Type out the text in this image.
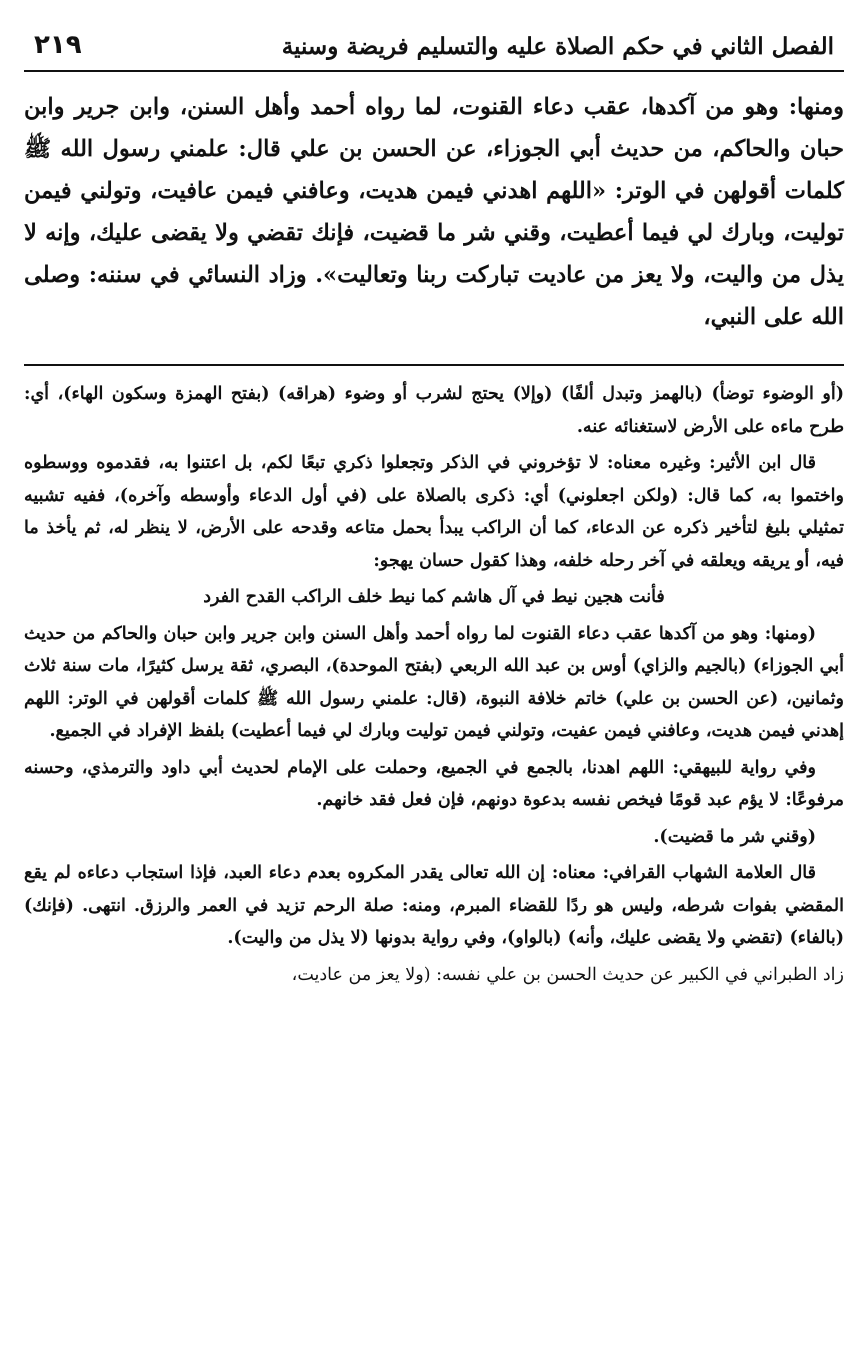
الفصل الثاني في حكم الصلاة عليه والتسليم فريضة وسنية
٢١٩

ومنها: وهو من آكدها، عقب دعاء القنوت، لما رواه أحمد وأهل السنن، وابن جرير وابن حبان والحاكم، من حديث أبي الجوزاء، عن الحسن بن علي قال: علمني رسول الله ﷺ كلمات أقولهن في الوتر: «اللهم اهدني فيمن هديت، وعافني فيمن عافيت، وتولني فيمن توليت، وبارك لي فيما أعطيت، وقني شر ما قضيت، فإنك تقضي ولا يقضى عليك، وإنه لا يذل من واليت، ولا يعز من عاديت تباركت ربنا وتعاليت». وزاد النسائي في سننه: وصلى الله على النبي،

(أو الوضوء توضأ) (بالهمز وتبدل ألفًا) (وإلا) يحتج لشرب أو وضوء (هراقه) (بفتح الهمزة وسكون الهاء)، أي: طرح ماءه على الأرض لاستغنائه عنه.

قال ابن الأثير: وغيره معناه: لا تؤخروني في الذكر وتجعلوا ذكري تبعًا لكم، بل اعتنوا به، فقدموه ووسطوه واختموا به، كما قال: (ولكن اجعلوني) أي: ذكرى بالصلاة على (في أول الدعاء وأوسطه وآخره)، ففيه تشبيه تمثيلي بليغ لتأخير ذكره عن الدعاء، كما أن الراكب يبدأ بحمل متاعه وقدحه على الأرض، لا ينظر له، ثم يأخذ ما فيه، أو يريقه ويعلقه في آخر رحله خلفه، وهذا كقول حسان يهجو:

فأنت هجين نيط في آل هاشم كما نيط خلف الراكب القدح الفرد

(ومنها: وهو من آكدها عقب دعاء القنوت لما رواه أحمد وأهل السنن وابن جرير وابن حبان والحاكم من حديث أبي الجوزاء) (بالجيم والزاي) أوس بن عبد الله الربعي (بفتح الموحدة)، البصري، ثقة يرسل كثيرًا، مات سنة ثلاث وثمانين، (عن الحسن بن علي) خاتم خلافة النبوة، (قال: علمني رسول الله ﷺ كلمات أقولهن في الوتر: اللهم إهدني فيمن هديت، وعافني فيمن عفيت، وتولني فيمن توليت وبارك لي فيما أعطيت) بلفظ الإفراد في الجميع.

وفي رواية للبيهقي: اللهم اهدنا، بالجمع في الجميع، وحملت على الإمام لحديث أبي داود والترمذي، وحسنه مرفوعًا: لا يؤم عبد قومًا فيخص نفسه بدعوة دونهم، فإن فعل فقد خانهم.

(وقني شر ما قضيت).

قال العلامة الشهاب القرافي: معناه: إن الله تعالى يقدر المكروه بعدم دعاء العبد، فإذا استجاب دعاءه لم يقع المقضي بفوات شرطه، وليس هو ردًا للقضاء المبرم، ومنه: صلة الرحم تزيد في العمر والرزق. انتهى. (فإنك) (بالفاء) (تقضي ولا يقضى عليك، وأنه) (بالواو)، وفي رواية بدونها (لا يذل من واليت).

زاد الطبراني في الكبير عن حديث الحسن بن علي نفسه: (ولا يعز من عاديت،
